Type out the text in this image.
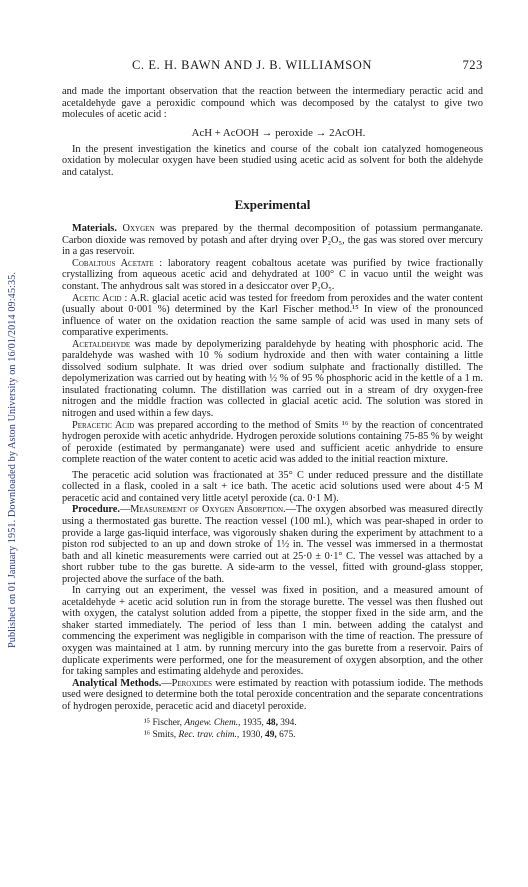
Published on 01 January 1951. Downloaded by Aston University on 16/01/2014 09:45:35.
C. E. H. BAWN AND J. B. WILLIAMSON	723

and made the important observation that the reaction between the intermediary peractic acid and acetaldehyde gave a peroxidic compound which was decomposed by the catalyst to give two molecules of acetic acid :

AcH + AcOOH → peroxide → 2AcOH.

In the present investigation the kinetics and course of the cobalt ion catalyzed homogeneous oxidation by molecular oxygen have been studied using acetic acid as solvent for both the aldehyde and catalyst.

Experimental

Materials. Oxygen was prepared by the thermal decomposition of potassium permanganate. Carbon dioxide was removed by potash and after drying over P₂O₅, the gas was stored over mercury in a gas reservoir.

Cobaltous Acetate : laboratory reagent cobaltous acetate was purified by twice fractionally crystallizing from aqueous acetic acid and dehydrated at 100° C in vacuo until the weight was constant. The anhydrous salt was stored in a desiccator over P₂O₅.

Acetic Acid : A.R. glacial acetic acid was tested for freedom from peroxides and the water content (usually about 0·001 %) determined by the Karl Fischer method.¹⁵ In view of the pronounced influence of water on the oxidation reaction the same sample of acid was used in many sets of comparative experiments.

Acetaldehyde was made by depolymerizing paraldehyde by heating with phosphoric acid. The paraldehyde was washed with 10 % sodium hydroxide and then with water containing a little dissolved sodium sulphate. It was dried over sodium sulphate and fractionally distilled. The depolymerization was carried out by heating with ½ % of 95 % phosphoric acid in the kettle of a 1 m. insulated fractionating column. The distillation was carried out in a stream of dry oxygen-free nitrogen and the middle fraction was collected in glacial acetic acid. The solution was stored in nitrogen and used within a few days.

Peracetic Acid was prepared according to the method of Smits ¹⁶ by the reaction of concentrated hydrogen peroxide with acetic anhydride. Hydrogen peroxide solutions containing 75-85 % by weight of peroxide (estimated by permanganate) were used and sufficient acetic anhydride to ensure complete reaction of the water content to acetic acid was added to the initial reaction mixture.

The peracetic acid solution was fractionated at 35° C under reduced pressure and the distillate collected in a flask, cooled in a salt + ice bath. The acetic acid solutions used were about 4·5 M peracetic acid and contained very little acetyl peroxide (ca. 0·1 M).

Procedure.—Measurement of Oxygen Absorption.—The oxygen absorbed was measured directly using a thermostated gas burette. The reaction vessel (100 ml.), which was pear-shaped in order to provide a large gas-liquid interface, was vigorously shaken during the experiment by attachment to a piston rod subjected to an up and down stroke of 1½ in. The vessel was immersed in a thermostat bath and all kinetic measurements were carried out at 25·0 ± 0·1° C. The vessel was attached by a short rubber tube to the gas burette. A side-arm to the vessel, fitted with ground-glass stopper, projected above the surface of the bath.

In carrying out an experiment, the vessel was fixed in position, and a measured amount of acetaldehyde + acetic acid solution run in from the storage burette. The vessel was then flushed out with oxygen, the catalyst solution added from a pipette, the stopper fixed in the side arm, and the shaker started immediately. The period of less than 1 min. between adding the catalyst and commencing the experiment was negligible in comparison with the time of reaction. The pressure of oxygen was maintained at 1 atm. by running mercury into the gas burette from a reservoir. Pairs of duplicate experiments were performed, one for the measurement of oxygen absorption, and the other for taking samples and estimating aldehyde and peroxides.

Analytical Methods.—Peroxides were estimated by reaction with potassium iodide. The methods used were designed to determine both the total peroxide concentration and the separate concentrations of hydrogen peroxide, peracetic acid and diacetyl peroxide.

¹⁵ Fischer, Angew. Chem., 1935, 48, 394.
¹⁶ Smits, Rec. trav. chim., 1930, 49, 675.
